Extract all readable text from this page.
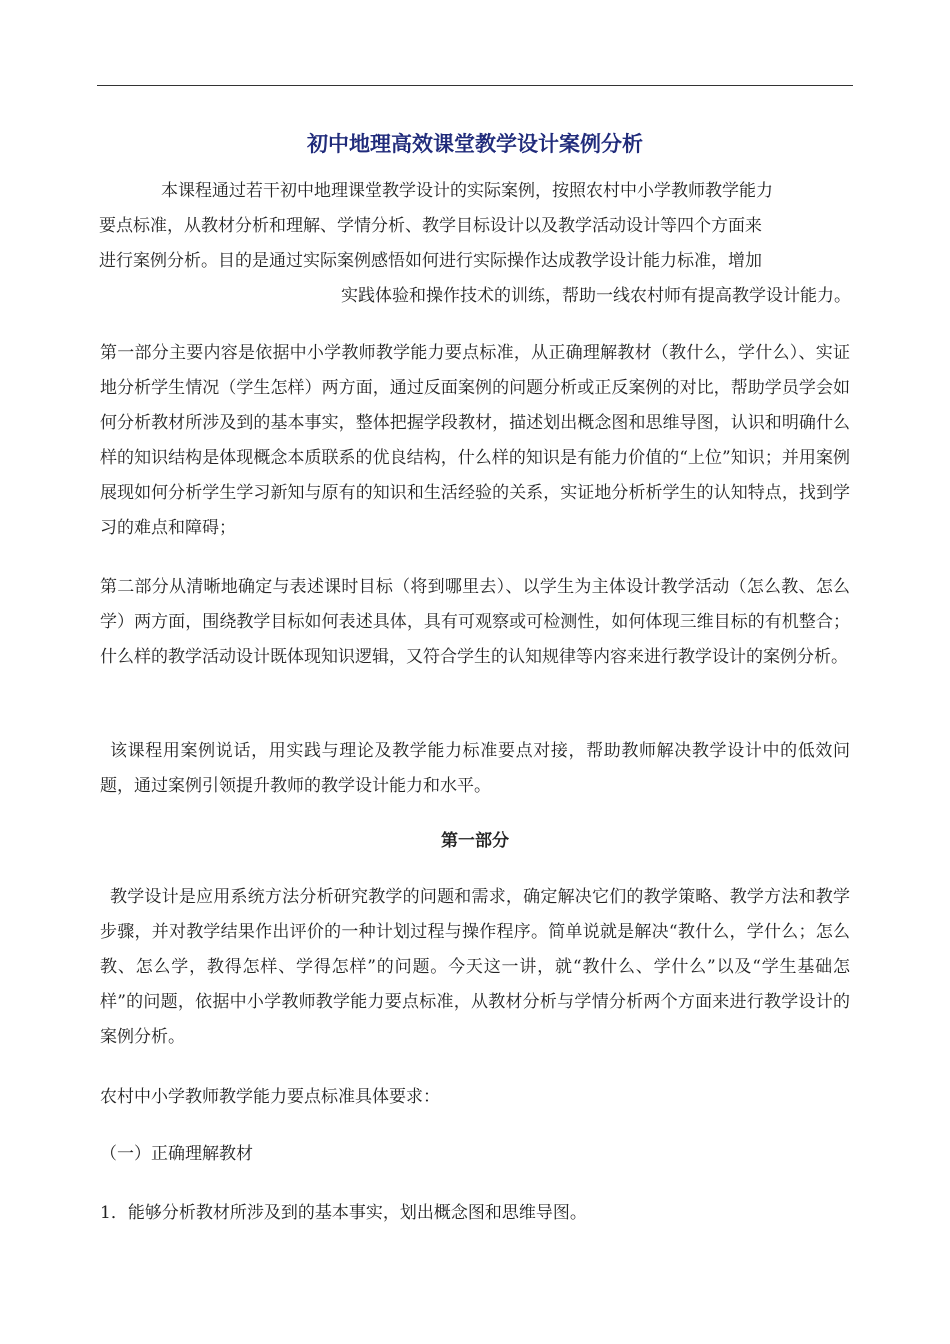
初中地理高效课堂教学设计案例分析
本课程通过若干初中地理课堂教学设计的实际案例，按照农村中小学教师教学能力
要点标准，从教材分析和理解、学情分析、教学目标设计以及教学活动设计等四个方面来
进行案例分析。目的是通过实际案例感悟如何进行实际操作达成教学设计能力标准，增加
实践体验和操作技术的训练，帮助一线农村师有提高教学设计能力。

第一部分主要内容是依据中小学教师教学能力要点标准，从正确理解教材（教什么，学什么）、实证地分析学生情况（学生怎样）两方面，通过反面案例的问题分析或正反案例的对比，帮助学员学会如何分析教材所涉及到的基本事实，整体把握学段教材，描述划出概念图和思维导图，认识和明确什么样的知识结构是体现概念本质联系的优良结构，什么样的知识是有能力价值的“上位”知识；并用案例展现如何分析学生学习新知与原有的知识和生活经验的关系，实证地分析析学生的认知特点，找到学习的难点和障碍；

第二部分从清晰地确定与表述课时目标（将到哪里去）、以学生为主体设计教学活动（怎么教、怎么学）两方面，围绕教学目标如何表述具体，具有可观察或可检测性，如何体现三维目标的有机整合；什么样的教学活动设计既体现知识逻辑，又符合学生的认知规律等内容来进行教学设计的案例分析。

该课程用案例说话，用实践与理论及教学能力标准要点对接，帮助教师解决教学设计中的低效问题，通过案例引领提升教师的教学设计能力和水平。

第一部分

教学设计是应用系统方法分析研究教学的问题和需求，确定解决它们的教学策略、教学方法和教学步骤，并对教学结果作出评价的一种计划过程与操作程序。简单说就是解决“教什么，学什么；怎么教、怎么学，教得怎样、学得怎样”的问题。今天这一讲，就“教什么、学什么”以及“学生基础怎样”的问题，依据中小学教师教学能力要点标准，从教材分析与学情分析两个方面来进行教学设计的案例分析。

农村中小学教师教学能力要点标准具体要求：

（一）正确理解教材

1．能够分析教材所涉及到的基本事实，划出概念图和思维导图。
